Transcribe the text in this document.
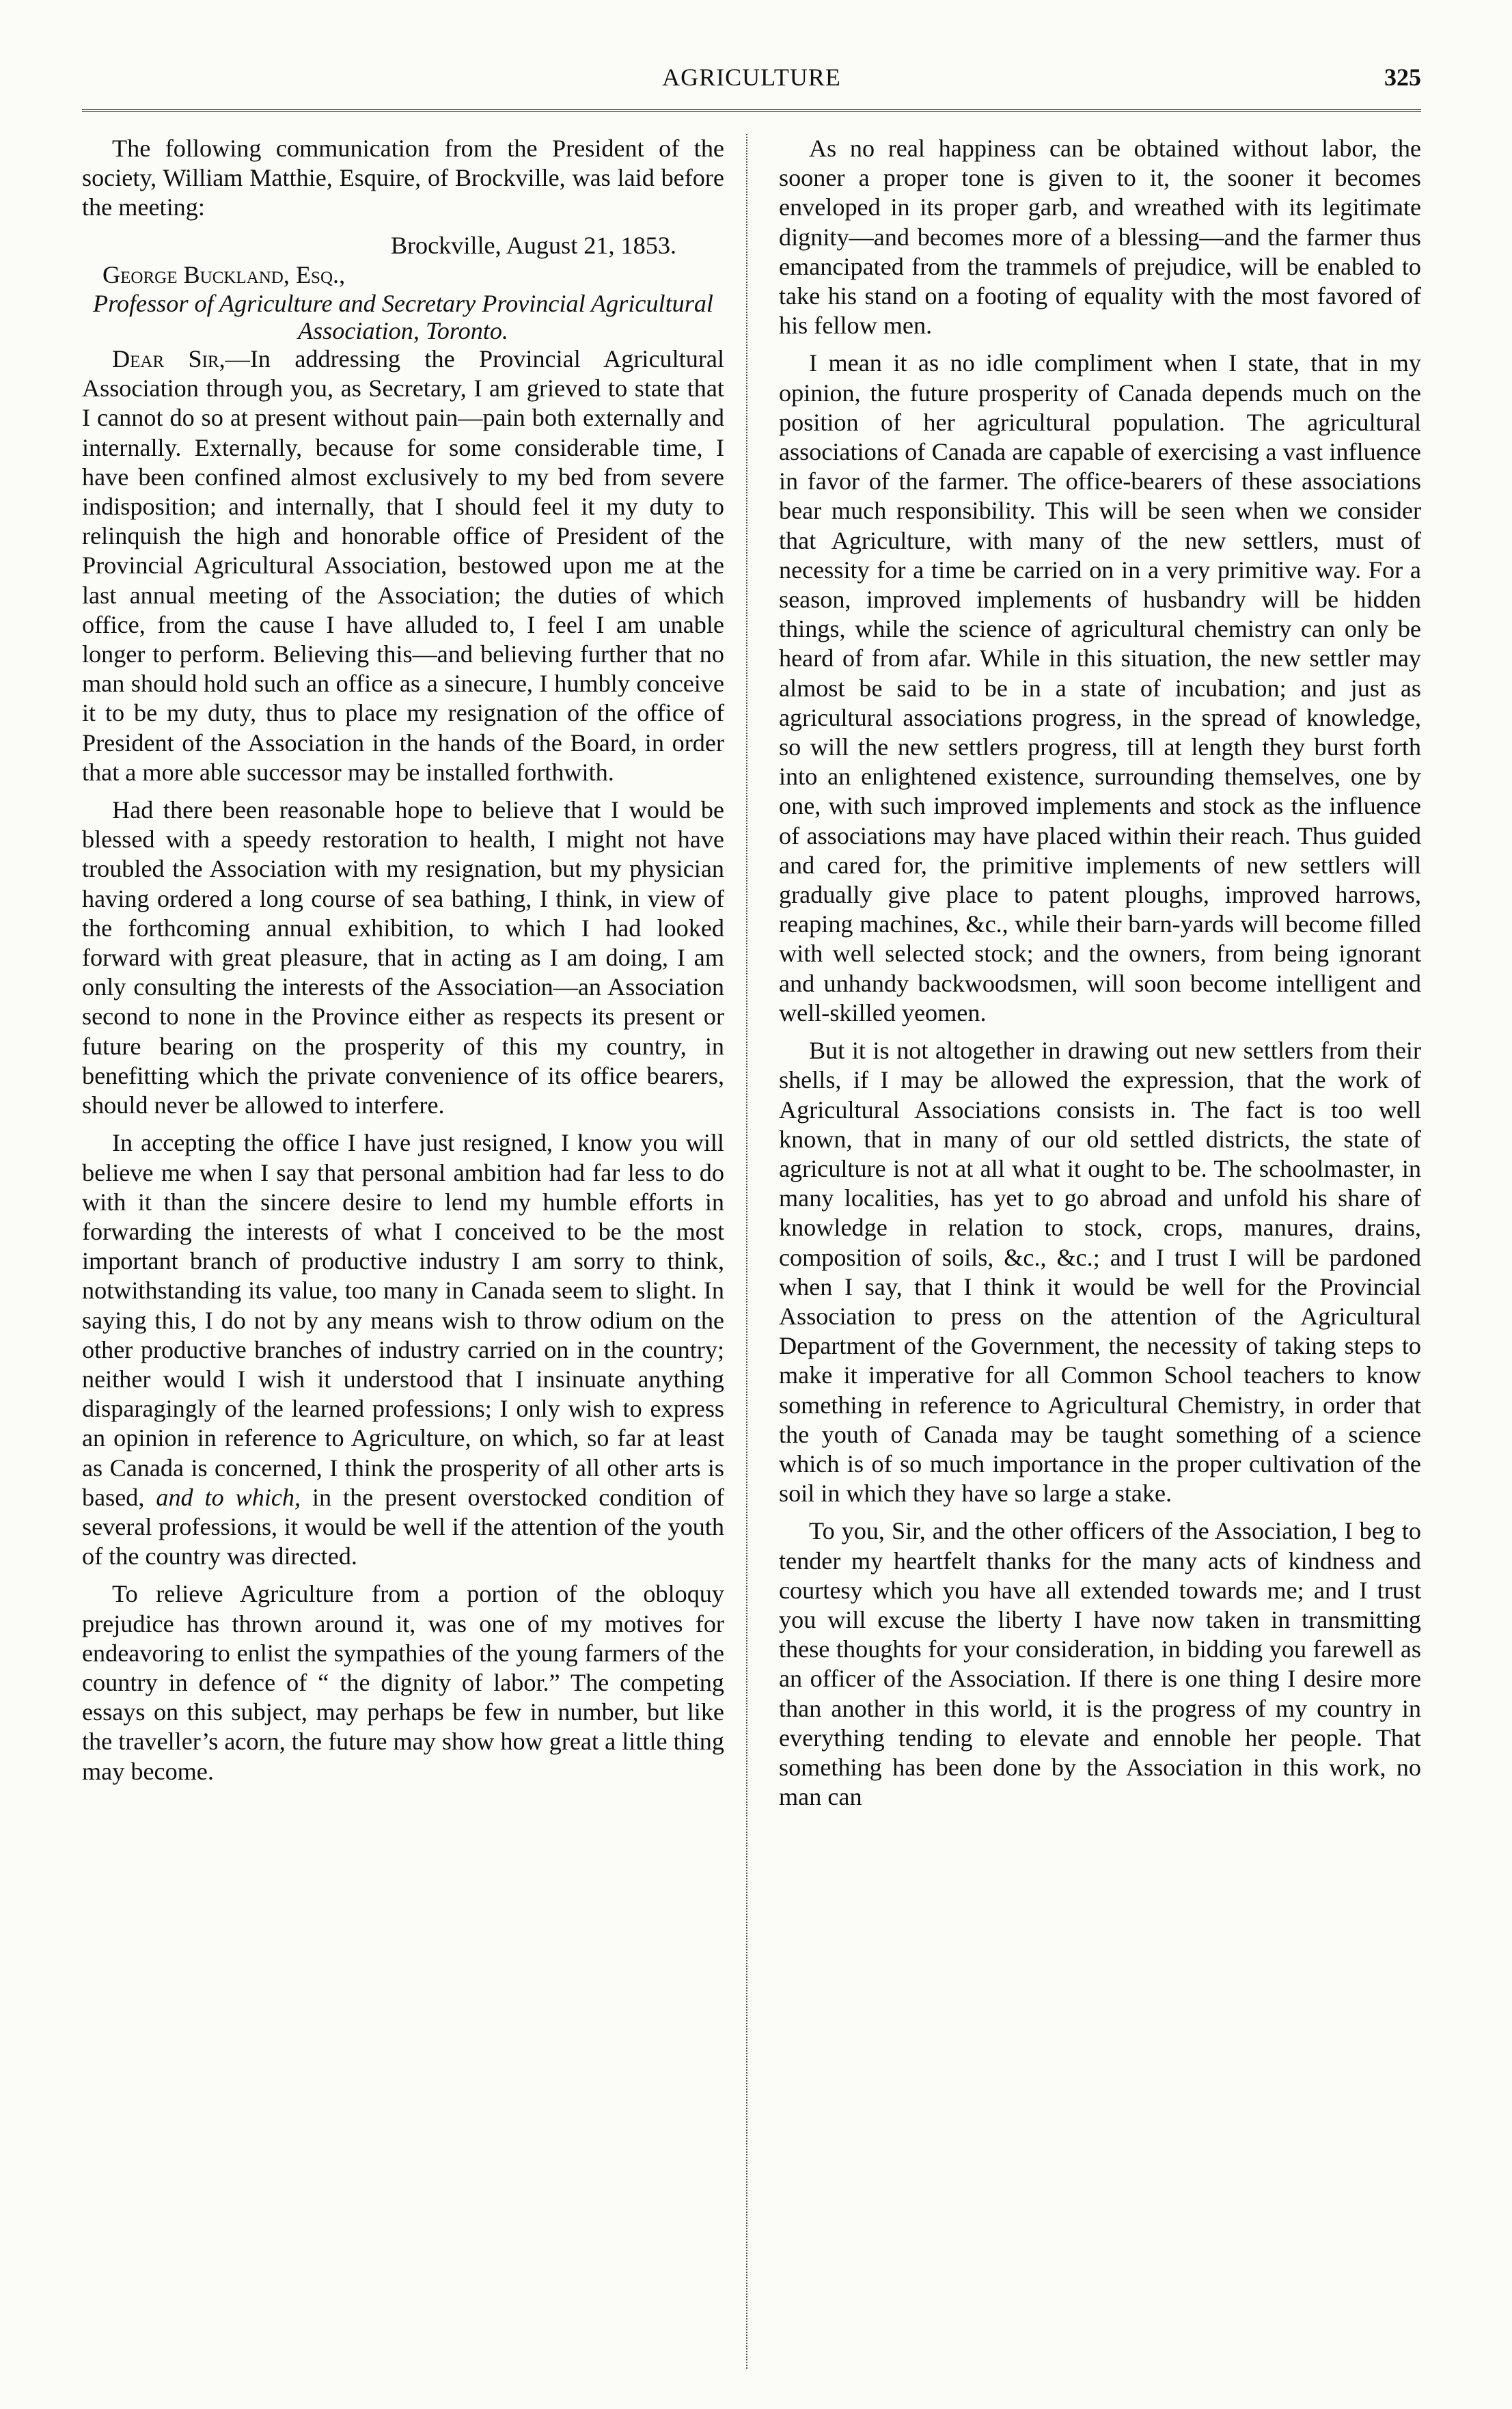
AGRICULTURE	325

The following communication from the President of the society, William Matthie, Esquire, of Brockville, was laid before the meeting:

Brockville, August 21, 1853.

George Buckland, Esq.,

Professor of Agriculture and Secretary Provincial Agricultural Association, Toronto.

Dear Sir,—In addressing the Provincial Agricultural Association through you, as Secretary, I am grieved to state that I cannot do so at present without pain—pain both externally and internally. Externally, because for some considerable time, I have been confined almost exclusively to my bed from severe indisposition; and internally, that I should feel it my duty to relinquish the high and honorable office of President of the Provincial Agricultural Association, bestowed upon me at the last annual meeting of the Association; the duties of which office, from the cause I have alluded to, I feel I am unable longer to perform. Believing this—and believing further that no man should hold such an office as a sinecure, I humbly conceive it to be my duty, thus to place my resignation of the office of President of the Association in the hands of the Board, in order that a more able successor may be installed forthwith.

Had there been reasonable hope to believe that I would be blessed with a speedy restoration to health, I might not have troubled the Association with my resignation, but my physician having ordered a long course of sea bathing, I think, in view of the forthcoming annual exhibition, to which I had looked forward with great pleasure, that in acting as I am doing, I am only consulting the interests of the Association—an Association second to none in the Province either as respects its present or future bearing on the prosperity of this my country, in benefitting which the private convenience of its office bearers, should never be allowed to interfere.

In accepting the office I have just resigned, I know you will believe me when I say that personal ambition had far less to do with it than the sincere desire to lend my humble efforts in forwarding the interests of what I conceived to be the most important branch of productive industry I am sorry to think, notwithstanding its value, too many in Canada seem to slight. In saying this, I do not by any means wish to throw odium on the other productive branches of industry carried on in the country; neither would I wish it understood that I insinuate anything disparagingly of the learned professions; I only wish to express an opinion in reference to Agriculture, on which, so far at least as Canada is concerned, I think the prosperity of all other arts is based, and to which, in the present overstocked condition of several professions, it would be well if the attention of the youth of the country was directed.

To relieve Agriculture from a portion of the obloquy prejudice has thrown around it, was one of my motives for endeavoring to enlist the sympathies of the young farmers of the country in defence of “ the dignity of labor.” The competing essays on this subject, may perhaps be few in number, but like the traveller’s acorn, the future may show how great a little thing may become.

As no real happiness can be obtained without labor, the sooner a proper tone is given to it, the sooner it becomes enveloped in its proper garb, and wreathed with its legitimate dignity—and becomes more of a blessing—and the farmer thus emancipated from the trammels of prejudice, will be enabled to take his stand on a footing of equality with the most favored of his fellow men.

I mean it as no idle compliment when I state, that in my opinion, the future prosperity of Canada depends much on the position of her agricultural population. The agricultural associations of Canada are capable of exercising a vast influence in favor of the farmer. The office-bearers of these associations bear much responsibility. This will be seen when we consider that Agriculture, with many of the new settlers, must of necessity for a time be carried on in a very primitive way. For a season, improved implements of husbandry will be hidden things, while the science of agricultural chemistry can only be heard of from afar. While in this situation, the new settler may almost be said to be in a state of incubation; and just as agricultural associations progress, in the spread of knowledge, so will the new settlers progress, till at length they burst forth into an enlightened existence, surrounding themselves, one by one, with such improved implements and stock as the influence of associations may have placed within their reach. Thus guided and cared for, the primitive implements of new settlers will gradually give place to patent ploughs, improved harrows, reaping machines, &c., while their barn-yards will become filled with well selected stock; and the owners, from being ignorant and unhandy backwoodsmen, will soon become intelligent and well-skilled yeomen.

But it is not altogether in drawing out new settlers from their shells, if I may be allowed the expression, that the work of Agricultural Associations consists in. The fact is too well known, that in many of our old settled districts, the state of agriculture is not at all what it ought to be. The schoolmaster, in many localities, has yet to go abroad and unfold his share of knowledge in relation to stock, crops, manures, drains, composition of soils, &c., &c.; and I trust I will be pardoned when I say, that I think it would be well for the Provincial Association to press on the attention of the Agricultural Department of the Government, the necessity of taking steps to make it imperative for all Common School teachers to know something in reference to Agricultural Chemistry, in order that the youth of Canada may be taught something of a science which is of so much importance in the proper cultivation of the soil in which they have so large a stake.

To you, Sir, and the other officers of the Association, I beg to tender my heartfelt thanks for the many acts of kindness and courtesy which you have all extended towards me; and I trust you will excuse the liberty I have now taken in transmitting these thoughts for your consideration, in bidding you farewell as an officer of the Association. If there is one thing I desire more than another in this world, it is the progress of my country in everything tending to elevate and ennoble her people. That something has been done by the Association in this work, no man can
